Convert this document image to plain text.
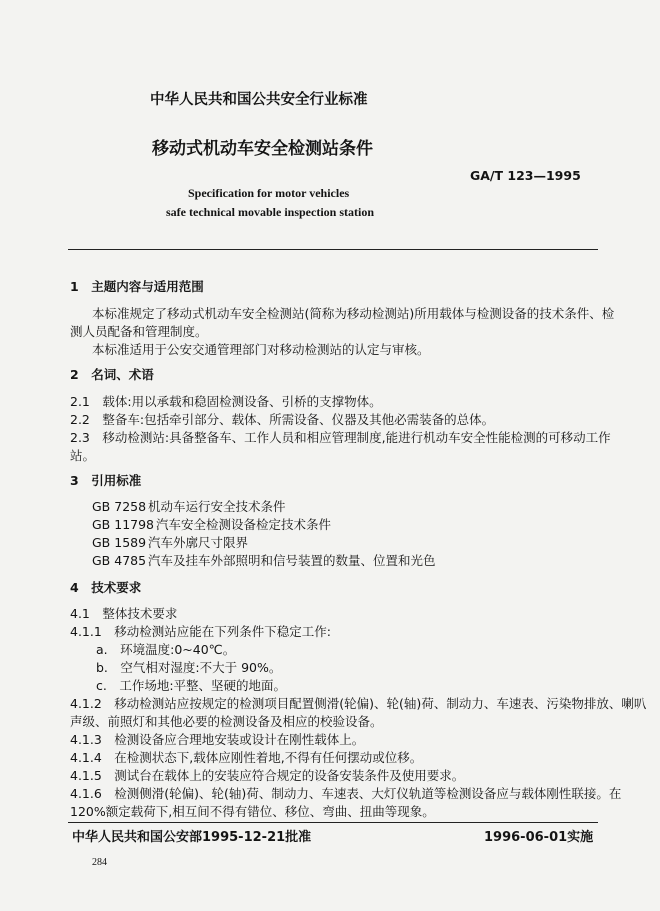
中华人民共和国公共安全行业标准
移动式机动车安全检测站条件
GA/T 123—1995
Specification for motor vehicles
safe technical movable inspection station
1　主题内容与适用范围
本标准规定了移动式机动车安全检测站(简称为移动检测站)所用载体与检测设备的技术条件、检
测人员配备和管理制度。
本标准适用于公安交通管理部门对移动检测站的认定与审核。
2　名词、术语
2.1　载体:用以承载和稳固检测设备、引桥的支撑物体。
2.2　整备车:包括牵引部分、载体、所需设备、仪器及其他必需装备的总体。
2.3　移动检测站:具备整备车、工作人员和相应管理制度,能进行机动车安全性能检测的可移动工作
站。
3　引用标准
GB 7258 机动车运行安全技术条件
GB 11798 汽车安全检测设备检定技术条件
GB 1589 汽车外廓尺寸限界
GB 4785 汽车及挂车外部照明和信号装置的数量、位置和光色
4　技术要求
4.1　整体技术要求
4.1.1　移动检测站应能在下列条件下稳定工作:
a.　环境温度:0~40℃。
b.　空气相对湿度:不大于 90%。
c.　工作场地:平整、坚硬的地面。
4.1.2　移动检测站应按规定的检测项目配置侧滑(轮偏)、轮(轴)荷、制动力、车速表、污染物排放、喇叭
声级、前照灯和其他必要的检测设备及相应的校验设备。
4.1.3　检测设备应合理地安装或设计在刚性载体上。
4.1.4　在检测状态下,载体应刚性着地,不得有任何摆动或位移。
4.1.5　测试台在载体上的安装应符合规定的设备安装条件及使用要求。
4.1.6　检测侧滑(轮偏)、轮(轴)荷、制动力、车速表、大灯仪轨道等检测设备应与载体刚性联接。在
120%额定载荷下,相互间不得有错位、移位、弯曲、扭曲等现象。
中华人民共和国公安部1995-12-21批准	1996-06-01实施
284
